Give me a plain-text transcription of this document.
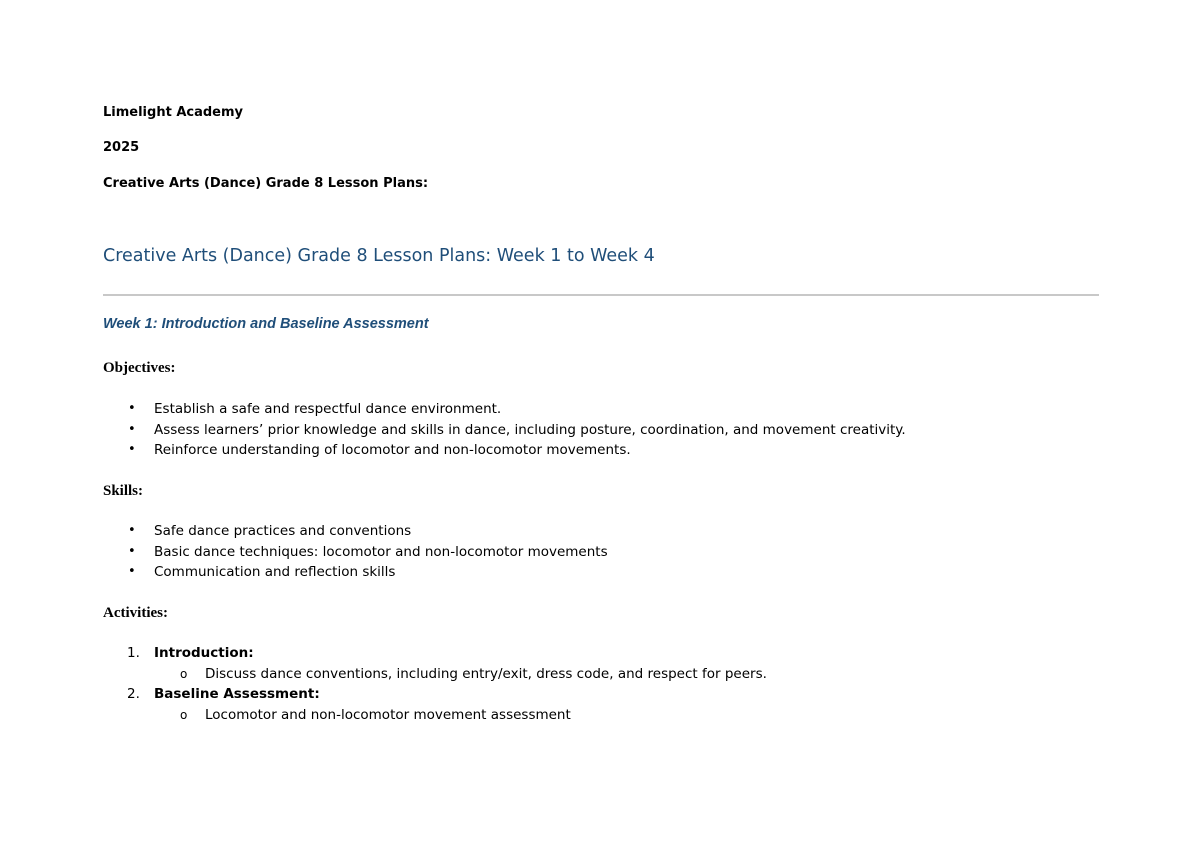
Limelight Academy
2025
Creative Arts (Dance) Grade 8 Lesson Plans:
Creative Arts (Dance) Grade 8 Lesson Plans: Week 1 to Week 4
Week 1: Introduction and Baseline Assessment
Objectives:
• Establish a safe and respectful dance environment.
• Assess learners’ prior knowledge and skills in dance, including posture, coordination, and movement creativity.
• Reinforce understanding of locomotor and non-locomotor movements.
Skills:
• Safe dance practices and conventions
• Basic dance techniques: locomotor and non-locomotor movements
• Communication and reflection skills
Activities:
1. Introduction:
o Discuss dance conventions, including entry/exit, dress code, and respect for peers.
2. Baseline Assessment:
o Locomotor and non-locomotor movement assessment
